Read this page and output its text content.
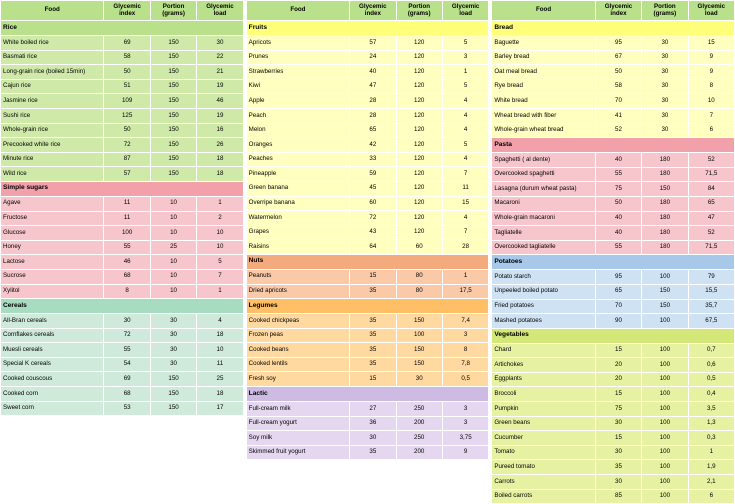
Food	Glycemic index	Portion (grams)	Glycemic load
Rice			
White boiled rice	69	150	30
Basmati rice	58	150	22
Long-grain rice (boiled 15min)	50	150	21
Cajun rice	51	150	19
Jasmine rice	109	150	46
Sushi rice	125	150	19
Whole-grain rice	50	150	16
Precooked white rice	72	150	26
Minute rice	87	150	18
Wild rice	57	150	18
Simple sugars			
Agave	11	10	1
Fructose	11	10	2
Glucose	100	10	10
Honey	55	25	10
Lactose	46	10	5
Sucrose	68	10	7
Xylitol	8	10	1
Cereals			
All-Bran cereals	30	30	4
Cornflakes cereals	72	30	18
Muesli cereals	55	30	10
Special K cereals	54	30	11
Cooked couscous	69	150	25
Cooked corn	68	150	18
Sweet corn	53	150	17
Food	Glycemic index	Portion (grams)	Glycemic load
Fruits			
Apricots	57	120	5
Prunes	24	120	3
Strawberries	40	120	1
Kiwi	47	120	5
Apple	28	120	4
Peach	28	120	4
Melon	65	120	4
Oranges	42	120	5
Peaches	33	120	4
Pineapple	59	120	7
Green banana	45	120	11
Overripe banana	60	120	15
Watermelon	72	120	4
Grapes	43	120	7
Raisins	64	60	28
Nuts			
Peanuts	15	80	1
Dried apricots	35	80	17,5
Legumes			
Cooked chickpeas	35	150	7,4
Frozen peas	35	100	3
Cooked beans	35	150	8
Cooked lentils	35	150	7,8
Fresh soy	15	30	0,5
Lactic			
Full-cream milk	27	250	3
Full-cream yogurt	36	200	3
Soy milk	30	250	3,75
Skimmed fruit yogurt	35	200	9
Food	Glycemic index	Portion (grams)	Glycemic load
Bread			
Baguette	95	30	15
Barley bread	67	30	9
Oat meal bread	50	30	9
Rye bread	58	30	8
White bread	70	30	10
Wheat bread with fiber	41	30	7
Whole-grain wheat bread	52	30	6
Pasta			
Spaghetti ( al dente)	40	180	52
Overcooked spaghetti	55	180	71,5
Lasagna (durum wheat pasta)	75	150	84
Macaroni	50	180	65
Whole-grain macaroni	40	180	47
Tagliatelle	40	180	52
Overcooked tagliatelle	55	180	71,5
Potatoes			
Potato starch	95	100	79
Unpeeled boiled potato	65	150	15,5
Fried potatoes	70	150	35,7
Mashed potatoes	90	100	67,5
Vegetables			
Chard	15	100	0,7
Artichokes	20	100	0,6
Eggplants	20	100	0,5
Broccoli	15	100	0,4
Pumpkin	75	100	3,5
Green beans	30	100	1,3
Cucumber	15	100	0,3
Tomato	30	100	1
Pureed tomato	35	100	1,9
Carrots	30	100	2,1
Boiled carrots	85	100	6
